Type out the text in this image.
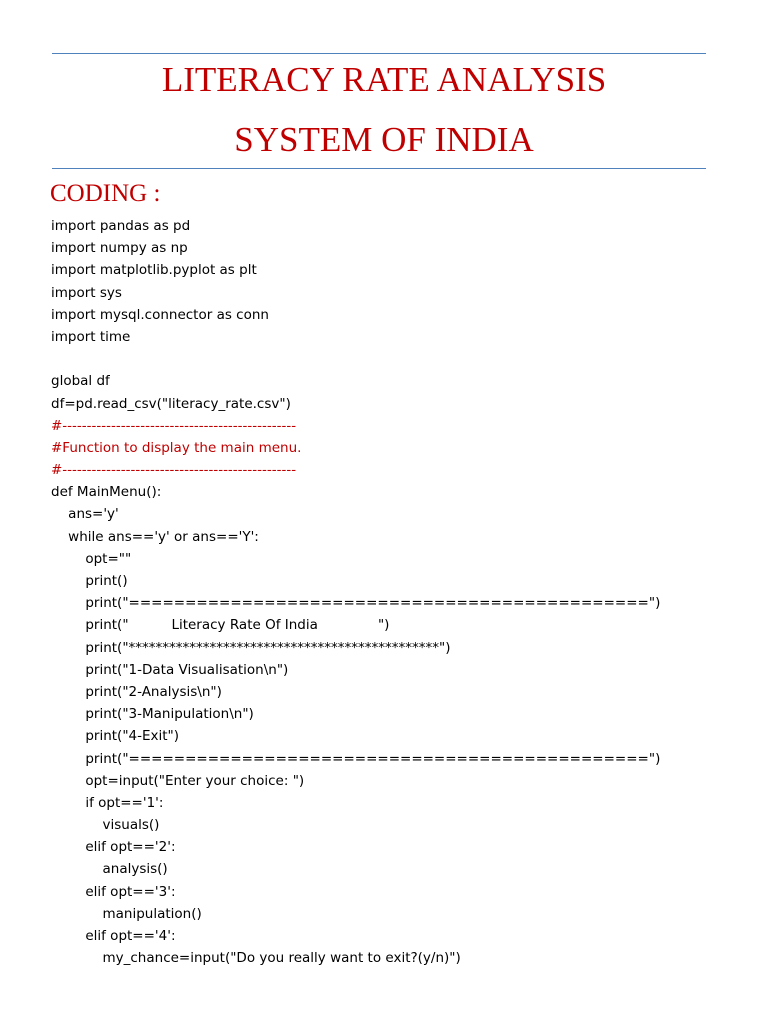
LITERACY RATE ANALYSIS
SYSTEM OF INDIA
CODING :
import pandas as pd
import numpy as np
import matplotlib.pyplot as plt
import sys
import mysql.connector as conn
import time
global df
df=pd.read_csv("literacy_rate.csv")
#------------------------------------------------
#Function to display the main menu.
#------------------------------------------------
def MainMenu():
ans='y'
while ans=='y' or ans=='Y':
opt=""
print()
print("==============================================")
print("          Literacy Rate Of India              ")
print("**********************************************")
print("1-Data Visualisation\n")
print("2-Analysis\n")
print("3-Manipulation\n")
print("4-Exit")
print("==============================================")
opt=input("Enter your choice: ")
if opt=='1':
visuals()
elif opt=='2':
analysis()
elif opt=='3':
manipulation()
elif opt=='4':
my_chance=input("Do you really want to exit?(y/n)")
